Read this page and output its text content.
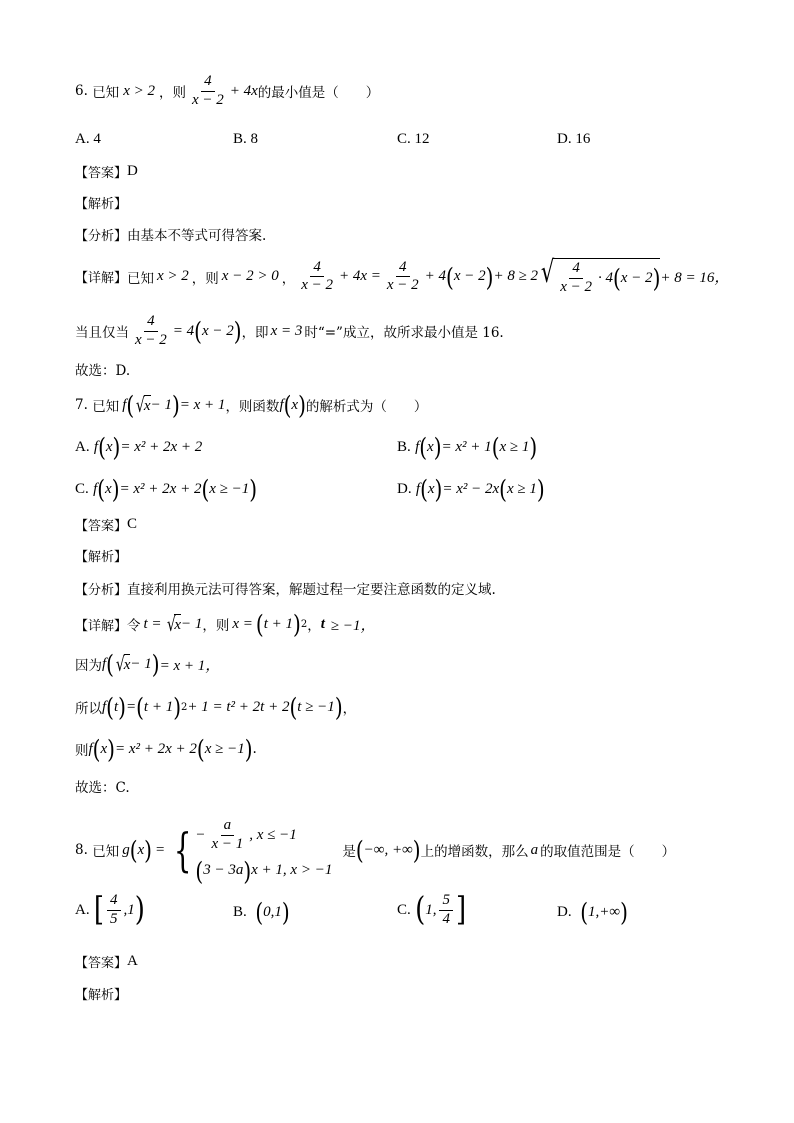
6.
已知 x > 2 ，则 $\frac{4}{x - 2} + 4x$ 的最小值是（　　）
A. 4	B. 8	C. 12	D. 16
【答案】 D
【解析】
【分析】 由基本不等式可得答案.
【详解】 已知 x > 2 ，则 x − 2 > 0 ， $\frac{4}{x - 2} + 4x = \frac{4}{x - 2} + 4$ ( x − 2 ) + 8 ≥ 2 √ $\frac{4}{x - 2} \cdot 4$ ( x − 2 ) + 8 = 16，
当且仅当 $\frac{4}{x - 2} = 4$ ( x − 2 ) ，即 x = 3 时“=”成立，故所求最小值是 16.
故选：D.
7.
已知 f ( √
x − 1 ) = x + 1 ，则函数 f ( x ) 的解析式为（　　）
A.
f ( x ) = x² + 2x + 2	B.
f ( x ) = x² + 1 ( x ≥ 1 )
C.
f ( x ) = x² + 2x + 2 ( x ≥ −1 )	D.
f ( x ) = x² − 2x ( x ≥ 1 )
【答案】 C
【解析】
【分析】 直接利用换元法可得答案，解题过程一定要注意函数的定义域.
【详解】 令 t = √
x − 1 ，则 x = ( t + 1 ) 2 ， t ≥ −1，
因为 f ( √
x − 1 ) = x + 1，
所以 f ( t ) = ( t + 1 ) 2 + 1 = t² + 2t + 2 ( t ≥ −1 ) ，
则 f ( x ) = x² + 2x + 2 ( x ≥ −1 ) .
故选：C.
8.
已知 g ( x ) = { − $\frac{a}{x - 1}$ , x ≤ −1
( 3 − 3a ) x + 1, x > −1
是 ( −∞, +∞ ) 上的增函数，那么 a 的取值范围是（　　）
A.
[ $\frac{4}{5} ,1$ )	B.
( 0,1 )	C.
( 1, $\frac{5}{4}$ ]	D.
( 1,+∞ )
【答案】 A
【解析】
